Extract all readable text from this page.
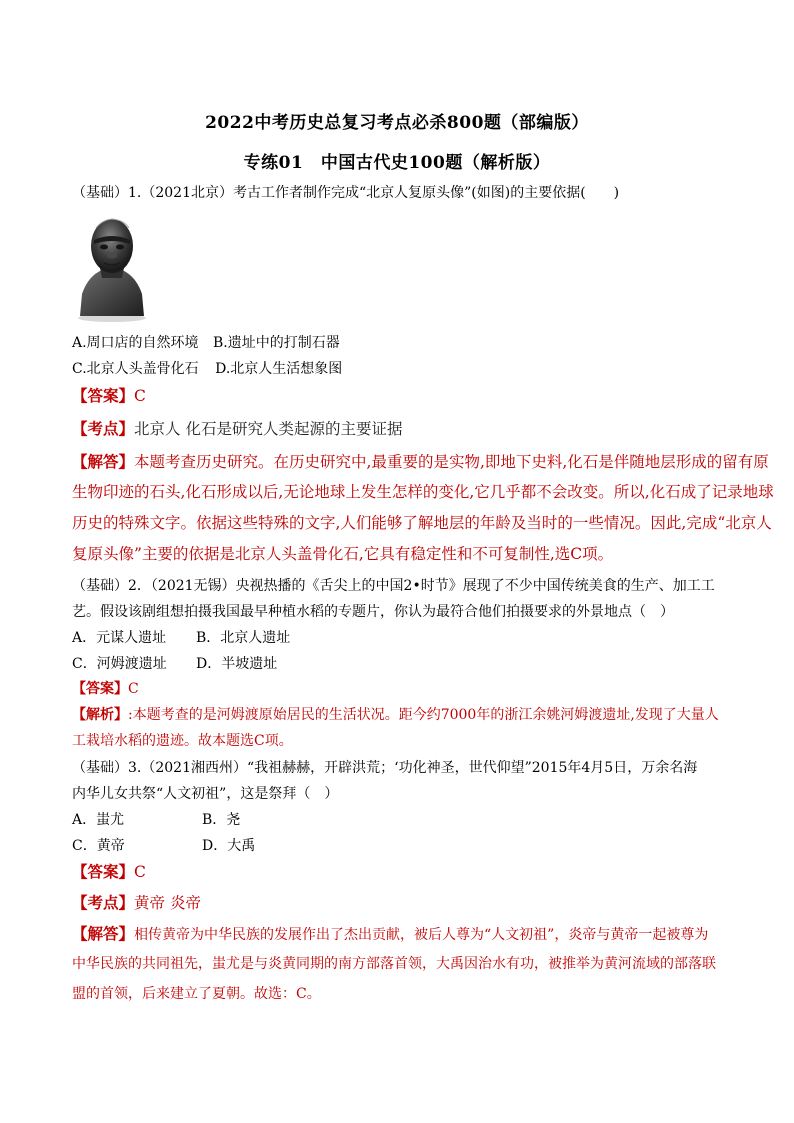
2022中考历史总复习考点必杀800题（部编版）
专练01　中国古代史100题（解析版）
（基础）1.（2021北京）考古工作者制作完成“北京人复原头像”(如图)的主要依据(　　)
A.周口店的自然环境 B.遗址中的打制石器
C.北京人头盖骨化石 D.北京人生活想象图
【答案】C
【考点】北京人 化石是研究人类起源的主要证据
【解答】本题考查历史研究。在历史研究中,最重要的是实物,即地下史料,化石是伴随地层形成的留有原
生物印迹的石头,化石形成以后,无论地球上发生怎样的变化,它几乎都不会改变。所以,化石成了记录地球
历史的特殊文字。依据这些特殊的文字,人们能够了解地层的年龄及当时的一些情况。因此,完成“北京人
复原头像”主要的依据是北京人头盖骨化石,它具有稳定性和不可复制性,选C项。
（基础）2．（2021无锡）央视热播的《舌尖上的中国2•时节》展现了不少中国传统美食的生产、加工工
艺。假设该剧组想拍摄我国最早种植水稻的专题片，你认为最符合他们拍摄要求的外景地点（　）
A．元谋人遗址 B．北京人遗址
C．河姆渡遗址 D．半坡遗址
【答案】C
【解析】:本题考查的是河姆渡原始居民的生活状况。距今约7000年的浙江余姚河姆渡遗址,发现了大量人
工栽培水稻的遗迹。故本题选C项。
（基础）3.（2021湘西州）“我祖赫赫，开辟洪荒；‘功化神圣，世代仰望”2015年4月5日，万余名海
内华儿女共祭“人文初祖”，这是祭拜（　）
A．蚩尤	B．尧
C．黄帝	D．大禹
【答案】C
【考点】黄帝 炎帝
【解答】相传黄帝为中华民族的发展作出了杰出贡献，被后人尊为“人文初祖”，炎帝与黄帝一起被尊为
中华民族的共同祖先，蚩尤是与炎黄同期的南方部落首领，大禹因治水有功，被推举为黄河流域的部落联
盟的首领，后来建立了夏朝。故选：C。
